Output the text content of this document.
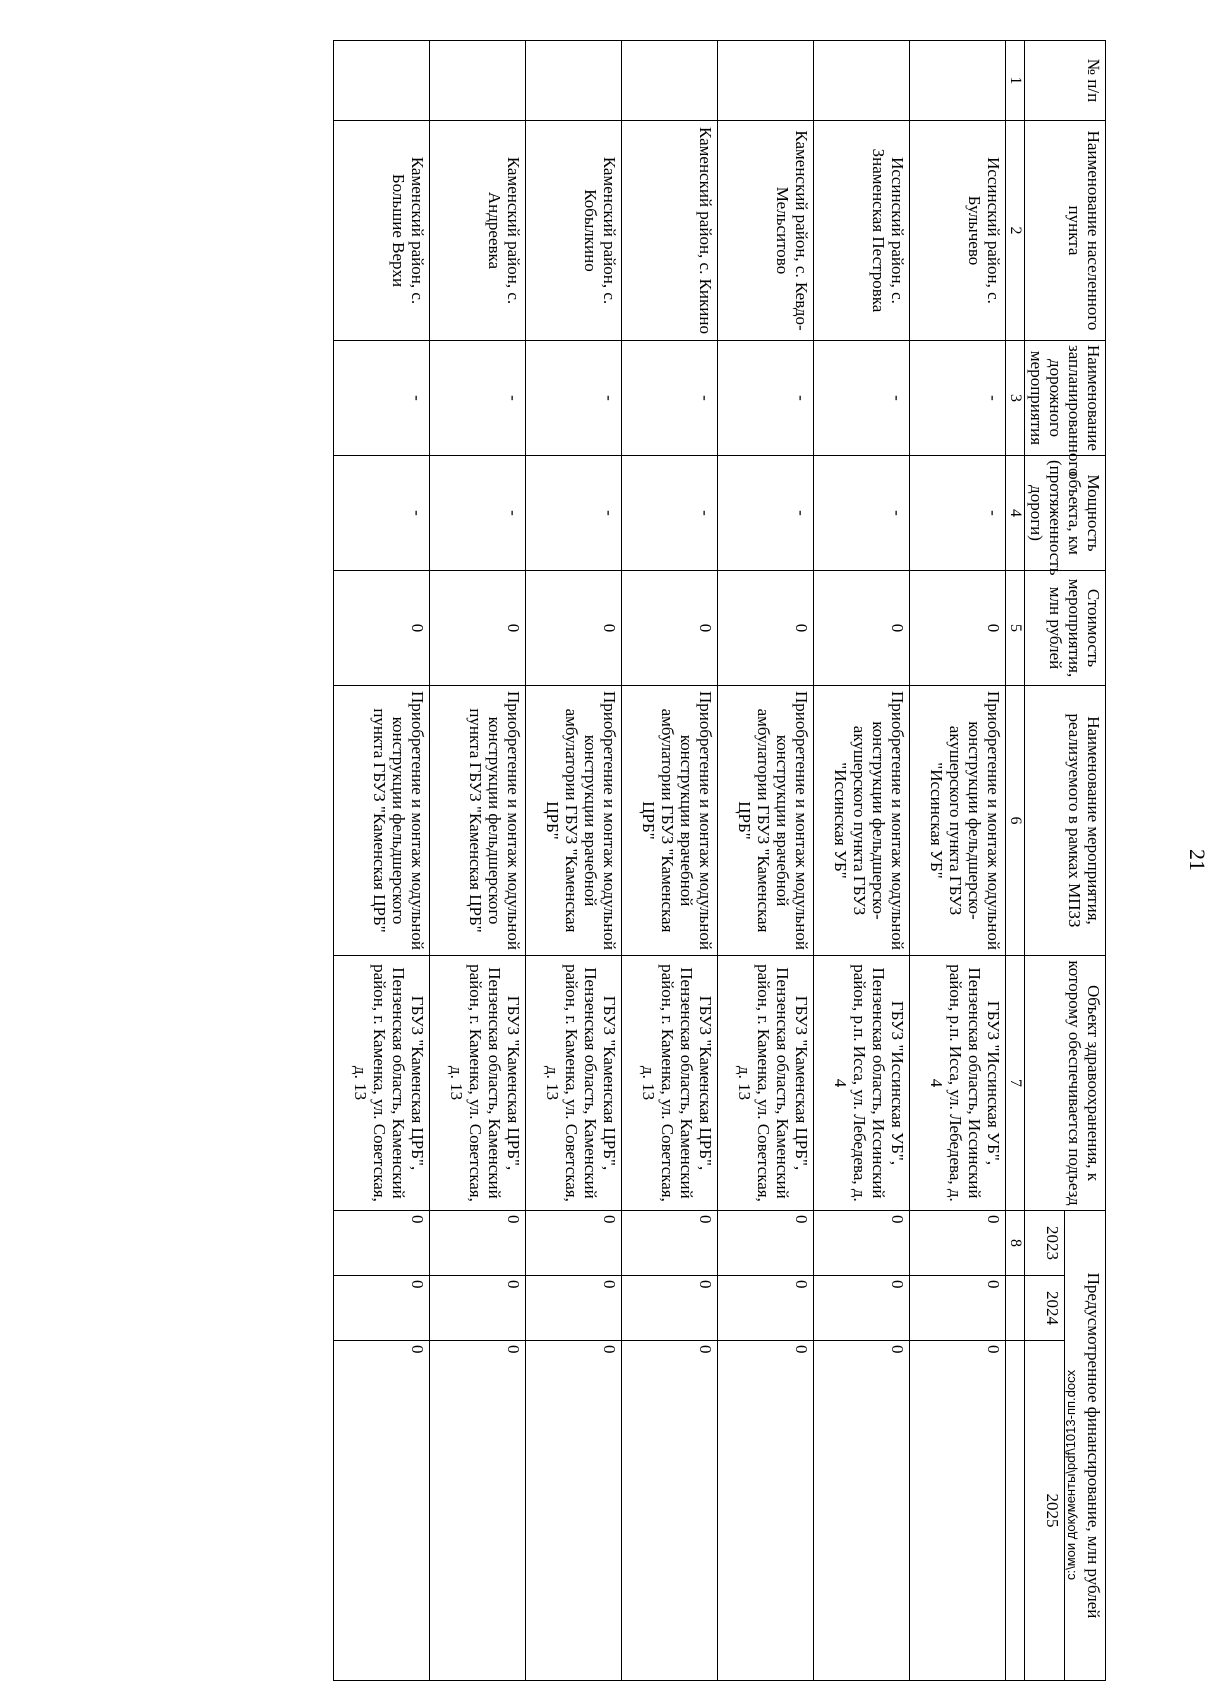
21
№ п/п	Наименование населенного пункта	Наименование запланированного дорожного мероприятия	Мощность объекта, км (протяженность дороги)	Стоимость мероприятия, млн рублей	Наименование мероприятия, реализуемого в рамках МПЗЗ	Объект здравоохранения, к которому обеспечивается подъезд	Предусмотренное финансирование, млн рублей		
							2023	2024	2025
1	2	3	4	5	6	7	8		
	Иссинский район, с. Булычево	-	-	0	Приобретение и монтаж модульной конструкции фельдшерско-акушерского пункта ГБУЗ "Иссинская УБ"	ГБУЗ "Иссинская УБ", Пензенская область, Иссинский район, р.п. Исса, ул. Лебедева, д. 4	0	0	0
	Иссинский район, с. Знаменская Пестровка	-	-	0	Приобретение и монтаж модульной конструкции фельдшерско-акушерского пункта ГБУЗ "Иссинская УБ"	ГБУЗ "Иссинская УБ", Пензенская область, Иссинский район, р.п. Исса, ул. Лебедева, д. 4	0	0	0
	Каменский район, с. Кевдо-Мельситово	-	-	0	Приобретение и монтаж модульной конструкции врачебной амбулатории ГБУЗ "Каменская ЦРБ"	ГБУЗ "Каменская ЦРБ", Пензенская область, Каменский район, г. Каменка, ул. Советская, д. 13	0	0	0
	Каменский район, с. Кикино	-	-	0	Приобретение и монтаж модульной конструкции врачебной амбулатории ГБУЗ "Каменская ЦРБ"	ГБУЗ "Каменская ЦРБ", Пензенская область, Каменский район, г. Каменка, ул. Советская, д. 13	0	0	0
	Каменский район, с. Кобылкино	-	-	0	Приобретение и монтаж модульной конструкции врачебной амбулатории ГБУЗ "Каменская ЦРБ"	ГБУЗ "Каменская ЦРБ", Пензенская область, Каменский район, г. Каменка, ул. Советская, д. 13	0	0	0
	Каменский район, с. Андреевка	-	-	0	Приобретение и монтаж модульной конструкции фельдшерского пункта ГБУЗ "Каменская ЦРБ"	ГБУЗ "Каменская ЦРБ", Пензенская область, Каменский район, г. Каменка, ул. Советская, д. 13	0	0	0
	Каменский район, с. Большие Верхи	-	-	0	Приобретение и монтаж модульной конструкции фельдшерского пункта ГБУЗ "Каменская ЦРБ"	ГБУЗ "Каменская ЦРБ", Пензенская область, Каменский район, г. Каменка, ул. Советская, д. 13	0	0	0
c:\мои документы\pdf\1013-пп.docx
